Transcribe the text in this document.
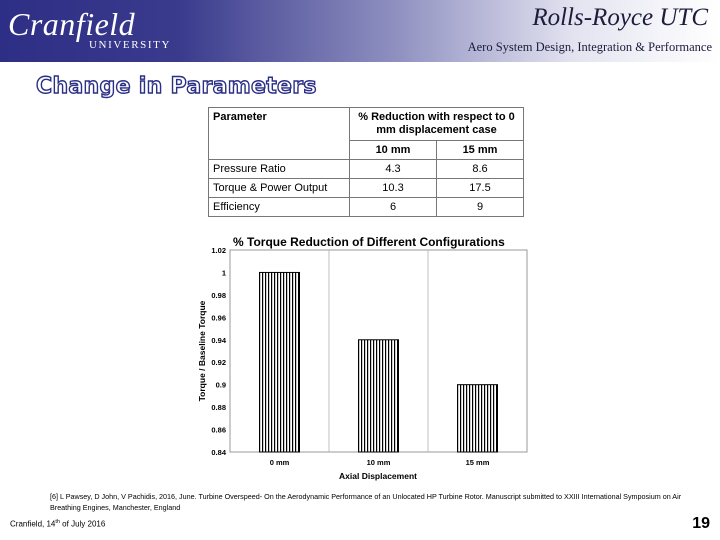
Cranfield
UNIVERSITY
Rolls-Royce UTC
Aero System Design, Integration & Performance
Change in Parameters
Parameter	% Reduction with respect to 0 mm displacement case	
	10 mm	15 mm
Pressure Ratio	4.3	8.6
Torque & Power Output	10.3	17.5
Efficiency	6	9
0.84
0.86
0.88
0.9
0.92
0.94
0.96
0.98
1
1.02
0 mm	10 mm	15 mm
% Torque Reduction of Different Configurations
Axial Displacement
Torque / Baseline Torque
[6] L Pawsey, D John, V Pachidis, 2016, June. Turbine Overspeed- On the Aerodynamic Performance of an Unlocated HP Turbine Rotor. Manuscript submitted to XXIII International Symposium on Air Breathing Engines, Manchester, England
Cranfield, 14th of July 2016	19
